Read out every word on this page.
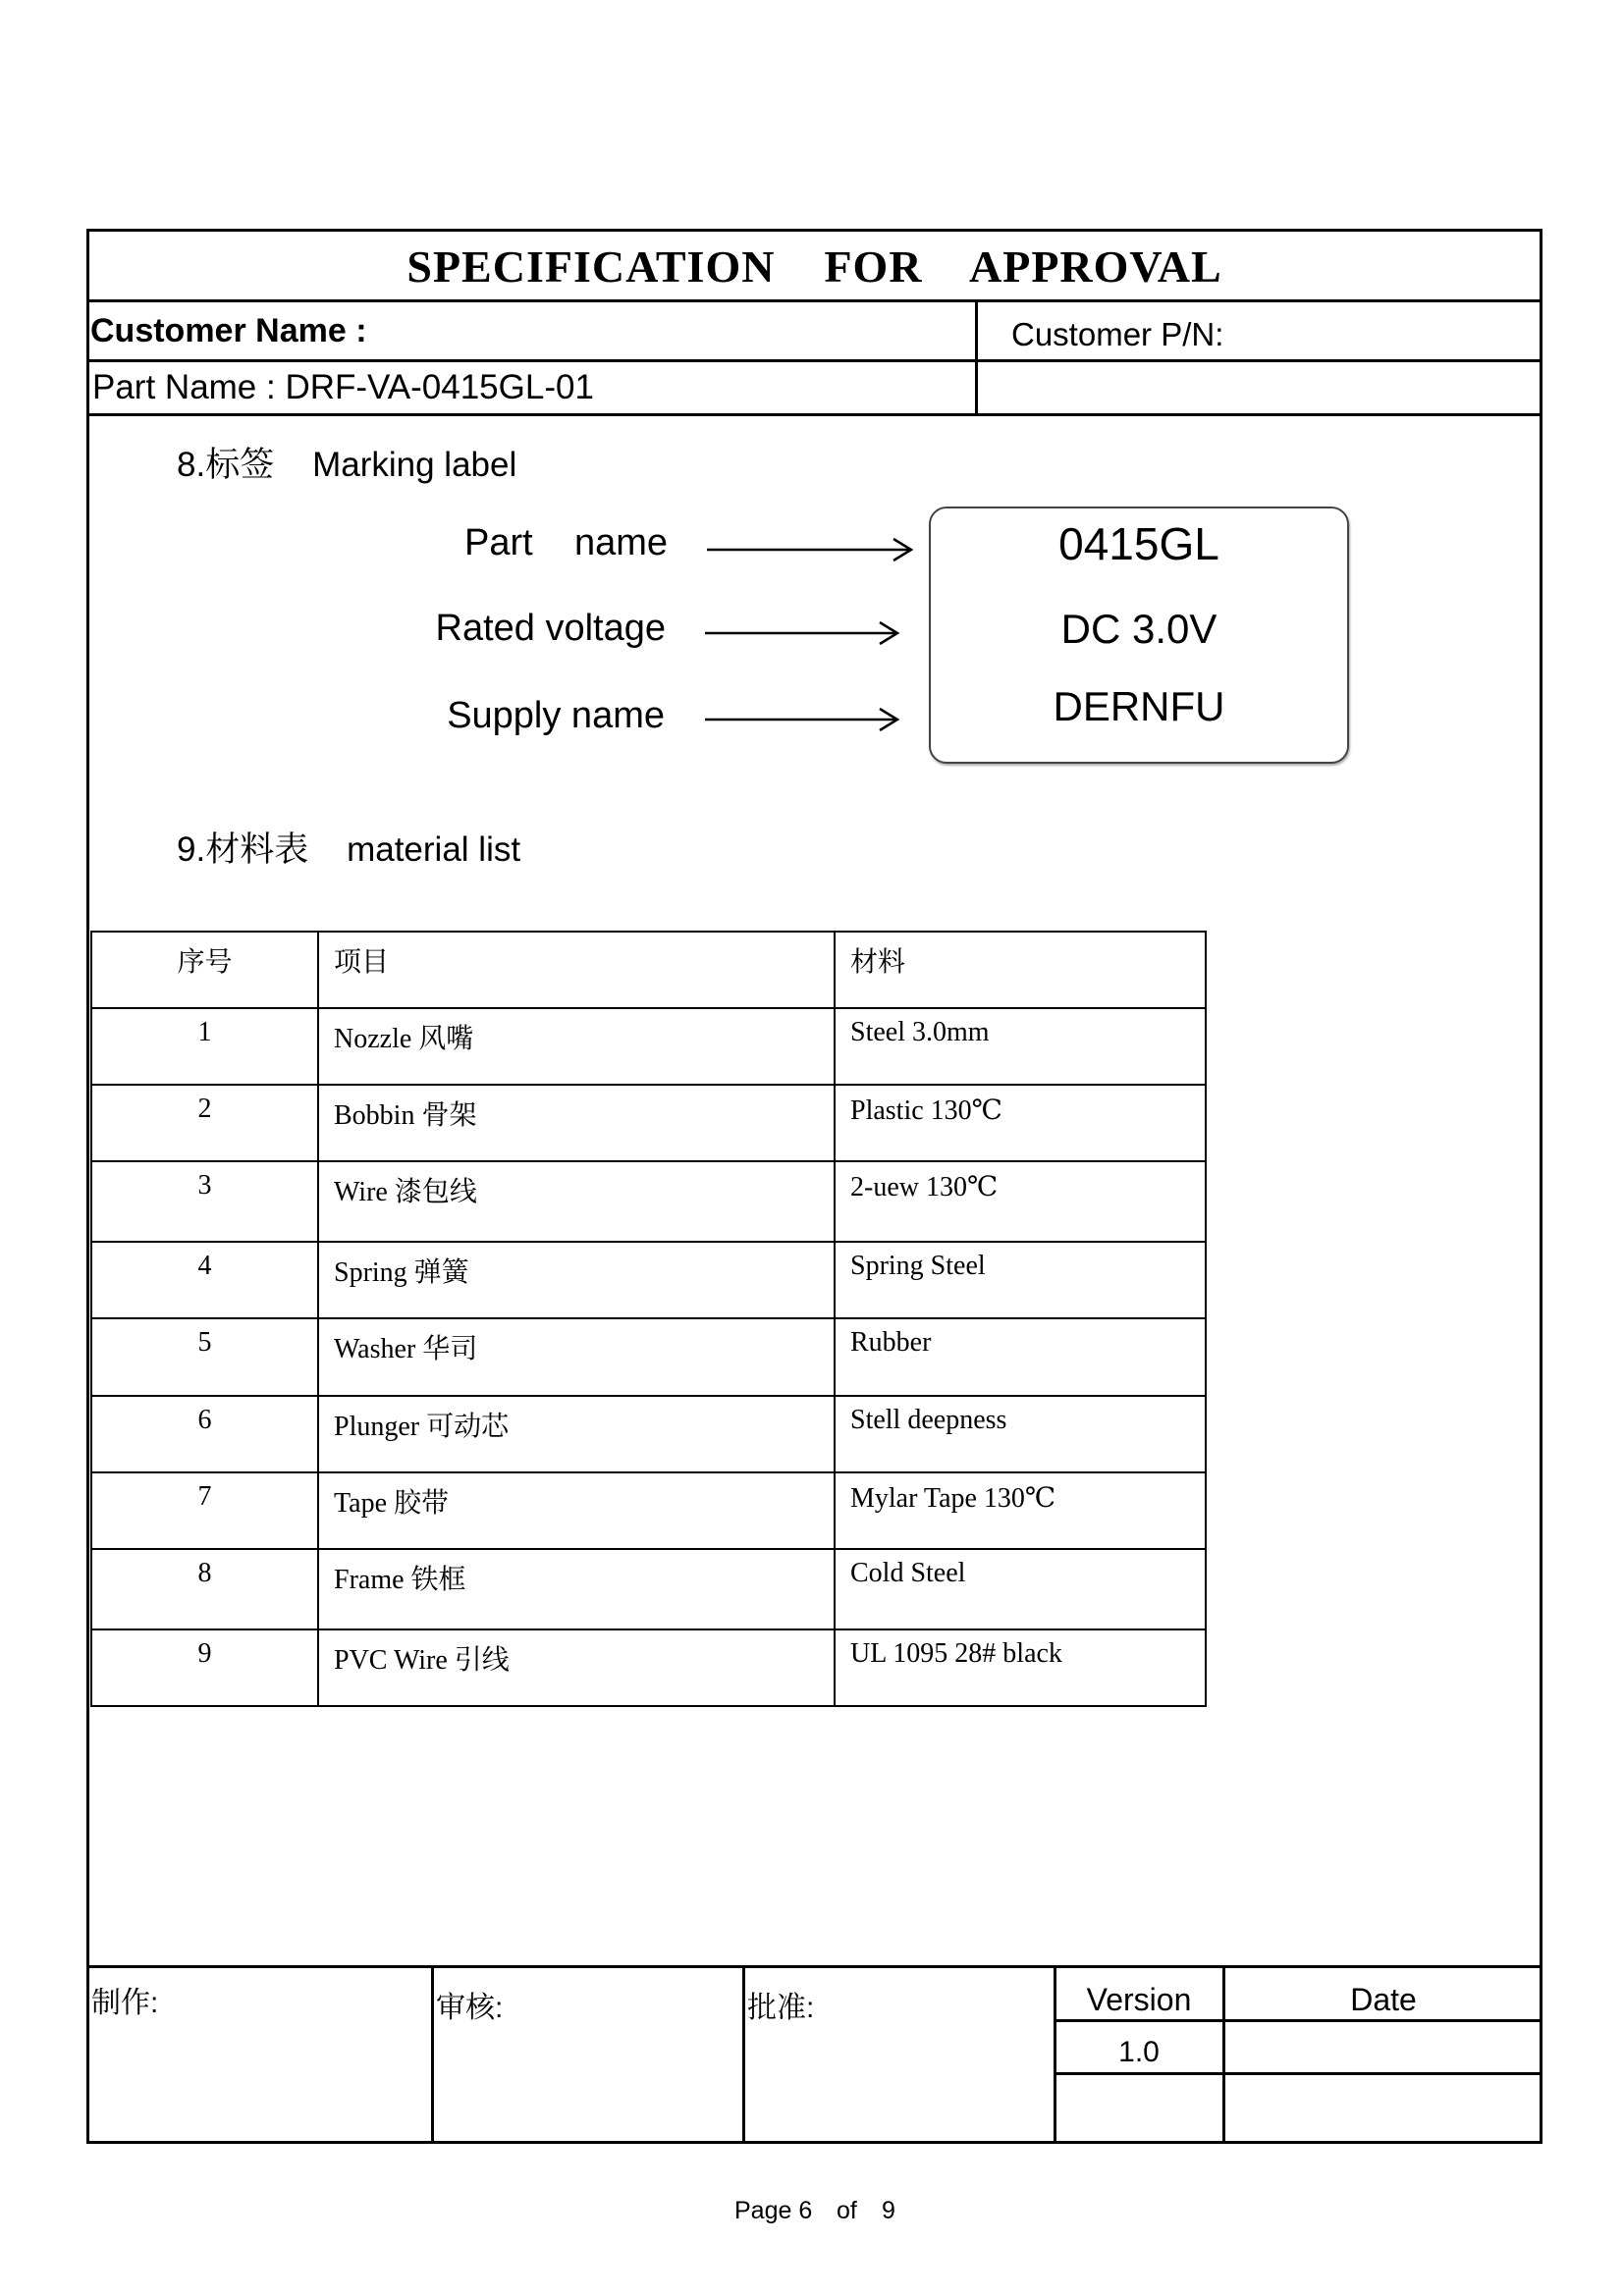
SPECIFICATION    FOR    APPROVAL
Customer Name :	Customer P/N:
Part Name : DRF-VA-0415GL-01
8.标签    Marking label
Part    name
Rated voltage
Supply name
0415GL
DC 3.0V
DERNFU
9.材料表    material list
序号	项目	材料
1	Nozzle 风嘴	Steel 3.0mm
2	Bobbin 骨架	Plastic 130℃
3	Wire 漆包线	2-uew 130℃
4	Spring 弹簧	Spring Steel
5	Washer 华司	Rubber
6	Plunger 可动芯	Stell deepness
7	Tape 胶带	Mylar Tape 130℃
8	Frame 铁框	Cold Steel
9	PVC Wire 引线	UL 1095 28# black
制作:	审核:	批准:	Version	Date
1.0
Page 6 of 9
